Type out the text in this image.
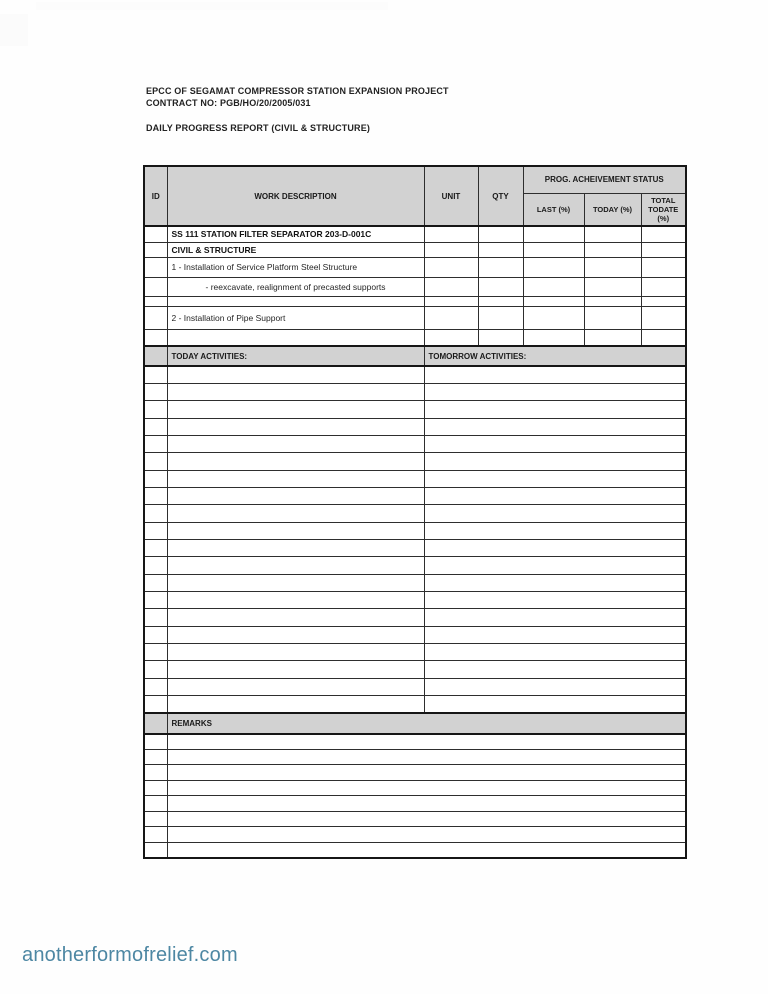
EPCC OF SEGAMAT COMPRESSOR STATION EXPANSION PROJECT
CONTRACT NO: PGB/HO/20/2005/031
DAILY PROGRESS REPORT (CIVIL & STRUCTURE)
ID	WORK DESCRIPTION	UNIT	QTY	PROG. ACHEIVEMENT STATUS		
				LAST (%)	TODAY (%)	TOTAL TODATE (%)
	SS 111 STATION FILTER SEPARATOR 203-D-001C					
	CIVIL & STRUCTURE					
	1 - Installation of Service Platform Steel Structure					
	- reexcavate, realignment of precasted supports					

	2 - Installation of Pipe Support					

	TODAY ACTIVITIES:	TOMORROW ACTIVITIES:				

	REMARKS					

anotherformofrelief.com
